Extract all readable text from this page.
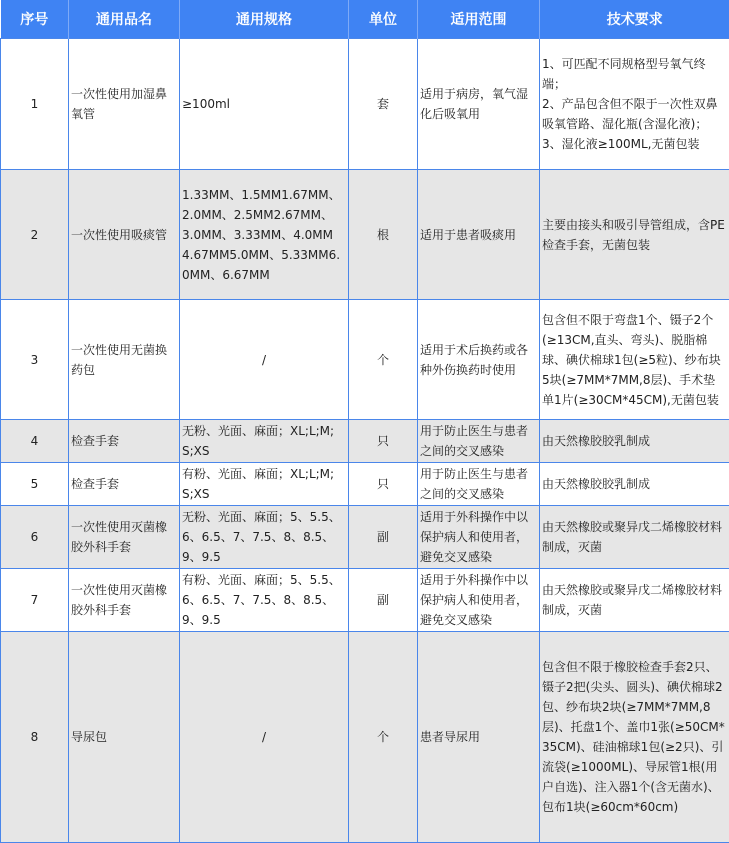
序号	通用品名	通用规格	单位	适用范围	技术要求
1	一次性使用加湿鼻氧管	≥100ml	套	适用于病房，氧气湿化后吸氧用	1、可匹配不同规格型号氧气终端；
2、产品包含但不限于一次性双鼻吸氧管路、湿化瓶(含湿化液)；
3、湿化液≥100ML,无菌包装
2	一次性使用吸痰管	1.33MM、1.5MM1.67MM、2.0MM、2.5MM2.67MM、3.0MM、3.33MM、4.0MM4.67MM5.0MM、5.33MM6.0MM、6.67MM	根	适用于患者吸痰用	主要由接头和吸引导管组成，含PE检查手套，无菌包装
3	一次性使用无菌换药包	/	个	适用于术后换药或各种外伤换药时使用	包含但不限于弯盘1个、镊子2个(≥13CM,直头、弯头)、脱脂棉球、碘伏棉球1包(≥5粒)、纱布块5块(≥7MM*7MM,8层)、手术垫单1片(≥30CM*45CM),无菌包装
4	检查手套	无粉、光面、麻面；XL;L;M;S;XS	只	用于防止医生与患者之间的交叉感染	由天然橡胶胶乳制成
5	检查手套	有粉、光面、麻面；XL;L;M;S;XS	只	用于防止医生与患者之间的交叉感染	由天然橡胶胶乳制成
6	一次性使用灭菌橡胶外科手套	无粉、光面、麻面；5、5.5、6、6.5、7、7.5、8、8.5、9、9.5	副	适用于外科操作中以保护病人和使用者，避免交叉感染	由天然橡胶或聚异戊二烯橡胶材料制成，灭菌
7	一次性使用灭菌橡胶外科手套	有粉、光面、麻面；5、5.5、6、6.5、7、7.5、8、8.5、9、9.5	副	适用于外科操作中以保护病人和使用者，避免交叉感染	由天然橡胶或聚异戊二烯橡胶材料制成，灭菌
8	导尿包	/	个	患者导尿用	包含但不限于橡胶检查手套2只、镊子2把(尖头、圆头)、碘伏棉球2包、纱布块2块(≥7MM*7MM,8层)、托盘1个、盖巾1张(≥50CM*35CM)、硅油棉球1包(≥2只)、引流袋(≥1000ML)、导尿管1根(用户自选)、注入器1个(含无菌水)、包布1块(≥60cm*60cm)
